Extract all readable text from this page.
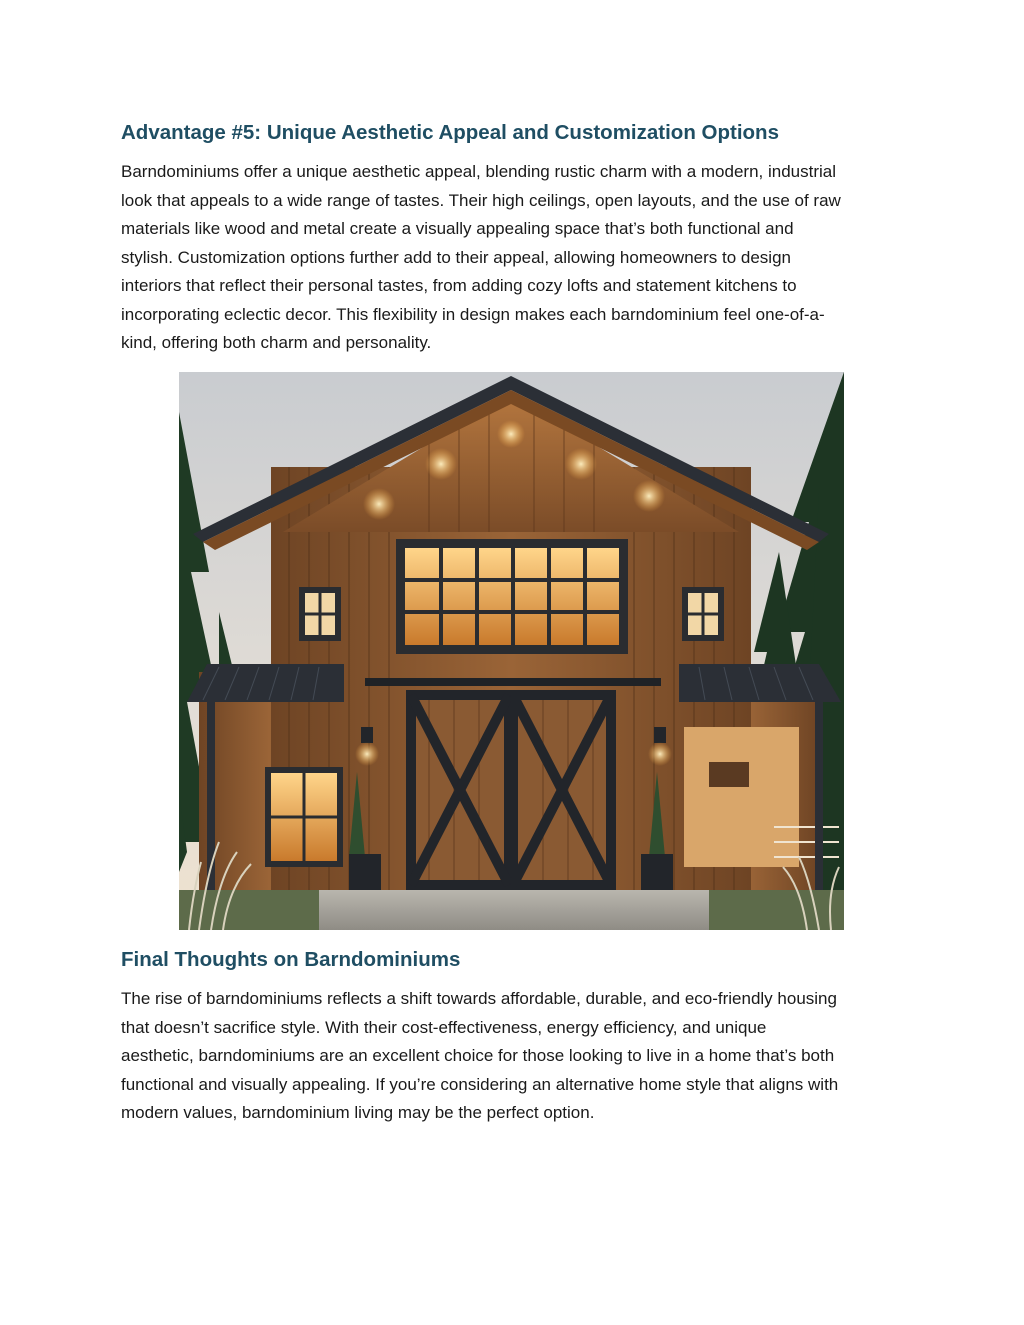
Advantage #5: Unique Aesthetic Appeal and Customization Options
Barndominiums offer a unique aesthetic appeal, blending rustic charm with a modern, industrial
look that appeals to a wide range of tastes. Their high ceilings, open layouts, and the use of raw
materials like wood and metal create a visually appealing space that’s both functional and
stylish. Customization options further add to their appeal, allowing homeowners to design
interiors that reflect their personal tastes, from adding cozy lofts and statement kitchens to
incorporating eclectic decor. This flexibility in design makes each barndominium feel one-of-a-
kind, offering both charm and personality.
Final Thoughts on Barndominiums
The rise of barndominiums reflects a shift towards affordable, durable, and eco-friendly housing
that doesn’t sacrifice style. With their cost-effectiveness, energy efficiency, and unique
aesthetic, barndominiums are an excellent choice for those looking to live in a home that’s both
functional and visually appealing. If you’re considering an alternative home style that aligns with
modern values, barndominium living may be the perfect option.
